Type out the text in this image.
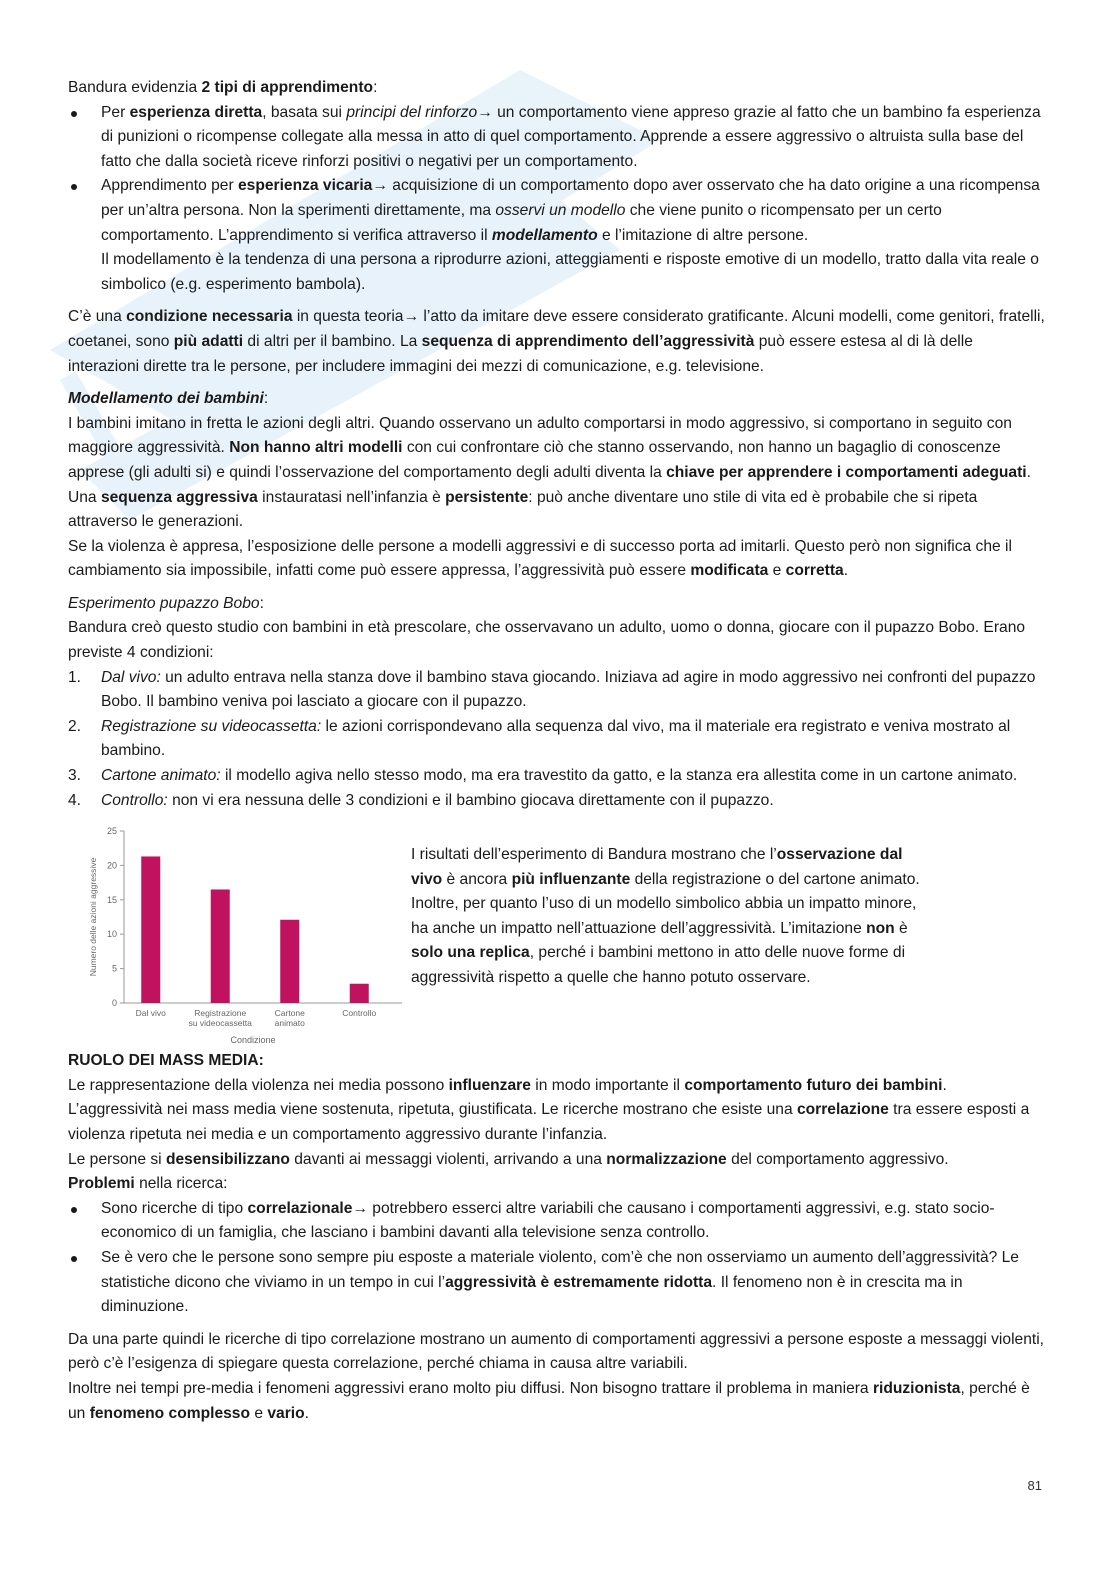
Bandura evidenzia 2 tipi di apprendimento:

Per esperienza diretta, basata sui principi del rinforzo→ un comportamento viene appreso grazie al fatto che un bambino fa esperienza di punizioni o ricompense collegate alla messa in atto di quel comportamento. Apprende a essere aggressivo o altruista sulla base del fatto che dalla società riceve rinforzi positivi o negativi per un comportamento.
Apprendimento per esperienza vicaria→ acquisizione di un comportamento dopo aver osservato che ha dato origine a una ricompensa per un’altra persona. Non la sperimenti direttamente, ma osservi un modello che viene punito o ricompensato per un certo comportamento. L’apprendimento si verifica attraverso il modellamento e l’imitazione di altre persone.
Il modellamento è la tendenza di una persona a riprodurre azioni, atteggiamenti e risposte emotive di un modello, tratto dalla vita reale o simbolico (e.g. esperimento bambola).

C’è una condizione necessaria in questa teoria→ l’atto da imitare deve essere considerato gratificante. Alcuni modelli, come genitori, fratelli, coetanei, sono più adatti di altri per il bambino. La sequenza di apprendimento dell’aggressività può essere estesa al di là delle interazioni dirette tra le persone, per includere immagini dei mezzi di comunicazione, e.g. televisione.

Modellamento dei bambini:

I bambini imitano in fretta le azioni degli altri. Quando osservano un adulto comportarsi in modo aggressivo, si comportano in seguito con maggiore aggressività. Non hanno altri modelli con cui confrontare ciò che stanno osservando, non hanno un bagaglio di conoscenze apprese (gli adulti si) e quindi l’osservazione del comportamento degli adulti diventa la chiave per apprendere i comportamenti adeguati.

Una sequenza aggressiva instauratasi nell’infanzia è persistente: può anche diventare uno stile di vita ed è probabile che si ripeta attraverso le generazioni.

Se la violenza è appresa, l’esposizione delle persone a modelli aggressivi e di successo porta ad imitarli. Questo però non significa che il cambiamento sia impossibile, infatti come può essere appressa, l’aggressività può essere modificata e corretta.

Esperimento pupazzo Bobo:

Bandura creò questo studio con bambini in età prescolare, che osservavano un adulto, uomo o donna, giocare con il pupazzo Bobo. Erano previste 4 condizioni:

1. Dal vivo: un adulto entrava nella stanza dove il bambino stava giocando. Iniziava ad agire in modo aggressivo nei confronti del pupazzo Bobo. Il bambino veniva poi lasciato a giocare con il pupazzo.
2. Registrazione su videocassetta: le azioni corrispondevano alla sequenza dal vivo, ma il materiale era registrato e veniva mostrato al bambino.
3. Cartone animato: il modello agiva nello stesso modo, ma era travestito da gatto, e la stanza era allestita come in un cartone animato.
4. Controllo: non vi era nessuna delle 3 condizioni e il bambino giocava direttamente con il pupazzo.
0
5
10
15
20
25
Dal vivo	Registrazione
su videocassetta
Cartone
animato
Controllo
Condizione
Numero delle azioni aggressive

I risultati dell’esperimento di Bandura mostrano che l’osservazione dal vivo è ancora più influenzante della registrazione o del cartone animato. Inoltre, per quanto l’uso di un modello simbolico abbia un impatto minore, ha anche un impatto nell’attuazione dell’aggressività. L’imitazione non è solo una replica, perché i bambini mettono in atto delle nuove forme di aggressività rispetto a quelle che hanno potuto osservare.

RUOLO DEI MASS MEDIA:

Le rappresentazione della violenza nei media possono influenzare in modo importante il comportamento futuro dei bambini.

L’aggressività nei mass media viene sostenuta, ripetuta, giustificata. Le ricerche mostrano che esiste una correlazione tra essere esposti a violenza ripetuta nei media e un comportamento aggressivo durante l’infanzia.

Le persone si desensibilizzano davanti ai messaggi violenti, arrivando a una normalizzazione del comportamento aggressivo.

Problemi nella ricerca:

Sono ricerche di tipo correlazionale→ potrebbero esserci altre variabili che causano i comportamenti aggressivi, e.g. stato socio-economico di un famiglia, che lasciano i bambini davanti alla televisione senza controllo.
Se è vero che le persone sono sempre piu esposte a materiale violento, com’è che non osserviamo un aumento dell’aggressività? Le statistiche dicono che viviamo in un tempo in cui l’aggressività è estremamente ridotta. Il fenomeno non è in crescita ma in diminuzione.

Da una parte quindi le ricerche di tipo correlazione mostrano un aumento di comportamenti aggressivi a persone esposte a messaggi violenti, però c’è l’esigenza di spiegare questa correlazione, perché chiama in causa altre variabili.

Inoltre nei tempi pre-media i fenomeni aggressivi erano molto piu diffusi. Non bisogno trattare il problema in maniera riduzionista, perché è un fenomeno complesso e vario.

81
